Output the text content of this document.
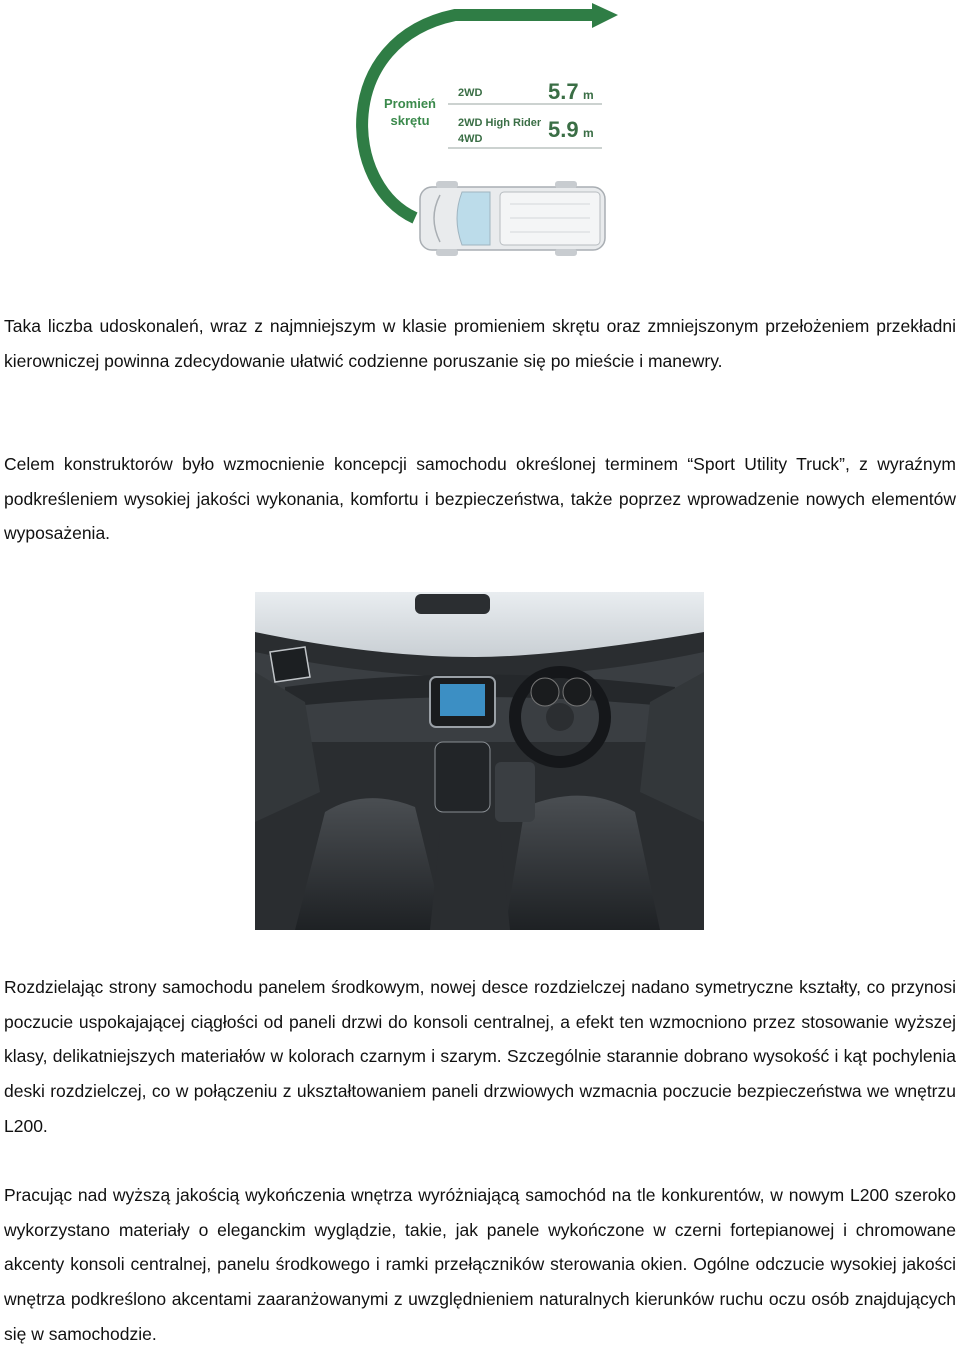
Promień
skrętu
2WD	5.7 m
2WD High Rider
4WD	5.9 m

Taka liczba udoskonaleń, wraz z najmniejszym w klasie promieniem skrętu oraz zmniejszonym przełożeniem przekładni kierowniczej powinna zdecydowanie ułatwić codzienne poruszanie się po mieście i manewry.

Celem konstruktorów było wzmocnienie koncepcji samochodu określonej terminem “Sport Utility Truck”, z wyraźnym podkreśleniem wysokiej jakości wykonania, komfortu i bezpieczeństwa, także poprzez wprowadzenie nowych elementów wyposażenia.

Rozdzielając strony samochodu panelem środkowym, nowej desce rozdzielczej nadano symetryczne kształty, co przynosi poczucie uspokajającej ciągłości od paneli drzwi do konsoli centralnej, a efekt ten wzmocniono przez stosowanie wyższej klasy, delikatniejszych materiałów w kolorach czarnym i szarym. Szczególnie starannie dobrano wysokość i kąt pochylenia deski rozdzielczej, co w połączeniu z ukształtowaniem paneli drzwiowych wzmacnia poczucie bezpieczeństwa we wnętrzu L200.

Pracując nad wyższą jakością wykończenia wnętrza wyróżniającą samochód na tle konkurentów, w nowym L200 szeroko wykorzystano materiały o eleganckim wyglądzie, takie, jak panele wykończone w czerni fortepianowej i chromowane akcenty konsoli centralnej, panelu środkowego i ramki przełączników sterowania okien. Ogólne odczucie wysokiej jakości wnętrza podkreślono akcentami zaaranżowanymi z uwzględnieniem naturalnych kierunków ruchu oczu osób znajdujących się w samochodzie.
